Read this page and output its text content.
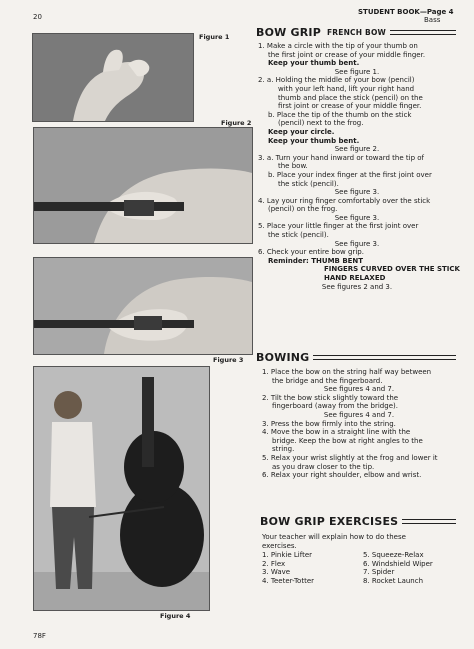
20
STUDENT BOOK—Page 4
Bass
Figure 1
Figure 2
Figure 3
Figure 4
78F
BOW GRIP FRENCH BOW
1. Make a circle with the tip of your thumb on
the first joint or crease of your middle finger.
Keep your thumb bent.
See figure 1.
2. a. Holding the middle of your bow (pencil)
with your left hand, lift your right hand
thumb and place the stick (pencil) on the
first joint or crease of your middle finger.
b. Place the tip of the thumb on the stick
(pencil) next to the frog.
Keep your circle.
Keep your thumb bent.
See figure 2.
3. a. Turn your hand inward or toward the tip of
the bow.
b. Place your index finger at the first joint over
the stick (pencil).
See figure 3.
4. Lay your ring finger comfortably over the stick
(pencil) on the frog.
See figure 3.
5. Place your little finger at the first joint over
the stick (pencil).
See figure 3.
6. Check your entire bow grip.
Reminder: THUMB BENT
FINGERS CURVED OVER THE STICK
HAND RELAXED
See figures 2 and 3.
BOWING
1. Place the bow on the string half way between
the bridge and the fingerboard.
See figures 4 and 7.
2. Tilt the bow stick slightly toward the
fingerboard (away from the bridge).
See figures 4 and 7.
3. Press the bow firmly into the string.
4. Move the bow in a straight line with the
bridge. Keep the bow at right angles to the
string.
5. Relax your wrist slightly at the frog and lower it
as you draw closer to the tip.
6. Relax your right shoulder, elbow and wrist.
BOW GRIP EXERCISES
Your teacher will explain how to do these
exercises.
1. Pinkie Lifter
2. Flex
3. Wave
4. Teeter-Totter
5. Squeeze-Relax
6. Windshield Wiper
7. Spider
8. Rocket Launch
